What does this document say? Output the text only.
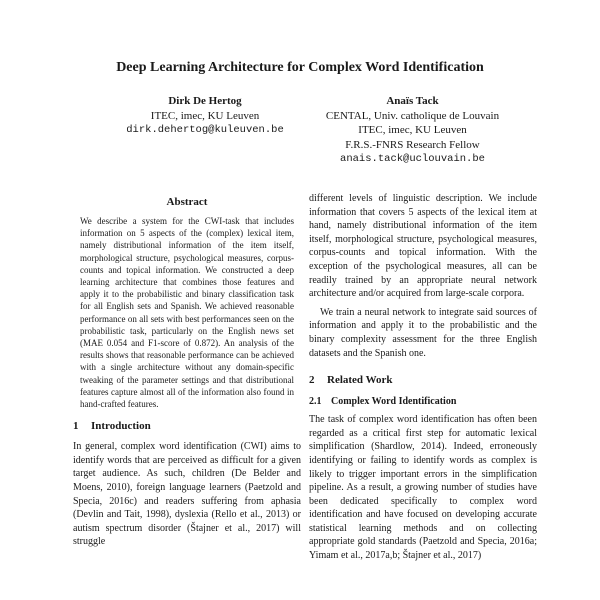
Deep Learning Architecture for Complex Word Identification
Dirk De Hertog
ITEC, imec, KU Leuven
dirk.dehertog@kuleuven.be
Anaïs Tack
CENTAL, Univ. catholique de Louvain
ITEC, imec, KU Leuven
F.R.S.-FNRS Research Fellow
anais.tack@uclouvain.be
Abstract

We describe a system for the CWI-task that includes information on 5 aspects of the (complex) lexical item, namely distributional information of the item itself, morphological structure, psychological measures, corpus-counts and topical information. We constructed a deep learning architecture that combines those features and apply it to the probabilistic and binary classification task for all English sets and Spanish. We achieved reasonable performance on all sets with best performances seen on the probabilistic task, particularly on the English news set (MAE 0.054 and F1-score of 0.872). An analysis of the results shows that reasonable performance can be achieved with a single architecture without any domain-specific tweaking of the parameter settings and that distributional features capture almost all of the information also found in hand-crafted features.

1 Introduction

In general, complex word identification (CWI) aims to identify words that are perceived as difficult for a given target audience. As such, children (De Belder and Moens, 2010), foreign language learners (Paetzold and Specia, 2016c) and readers suffering from aphasia (Devlin and Tait, 1998), dyslexia (Rello et al., 2013) or autism spectrum disorder (Štajner et al., 2017) will struggle

different levels of linguistic description. We include information that covers 5 aspects of the lexical item at hand, namely distributional information of the item itself, morphological structure, psychological measures, corpus-counts and topical information. With the exception of the psychological measures, all can be readily trained by an appropriate neural network architecture and/or acquired from large-scale corpora.

We train a neural network to integrate said sources of information and apply it to the probabilistic and the binary complexity assessment for the three English datasets and the Spanish one.

2 Related Work
2.1 Complex Word Identification

The task of complex word identification has often been regarded as a critical first step for automatic lexical simplification (Shardlow, 2014). Indeed, erroneously identifying or failing to identify words as complex is likely to trigger important errors in the simplification pipeline. As a result, a growing number of studies have been dedicated specifically to complex word identification and have focused on developing accurate statistical learning methods and on collecting appropriate gold standards (Paetzold and Specia, 2016a; Yimam et al., 2017a,b; Štajner et al., 2017)
